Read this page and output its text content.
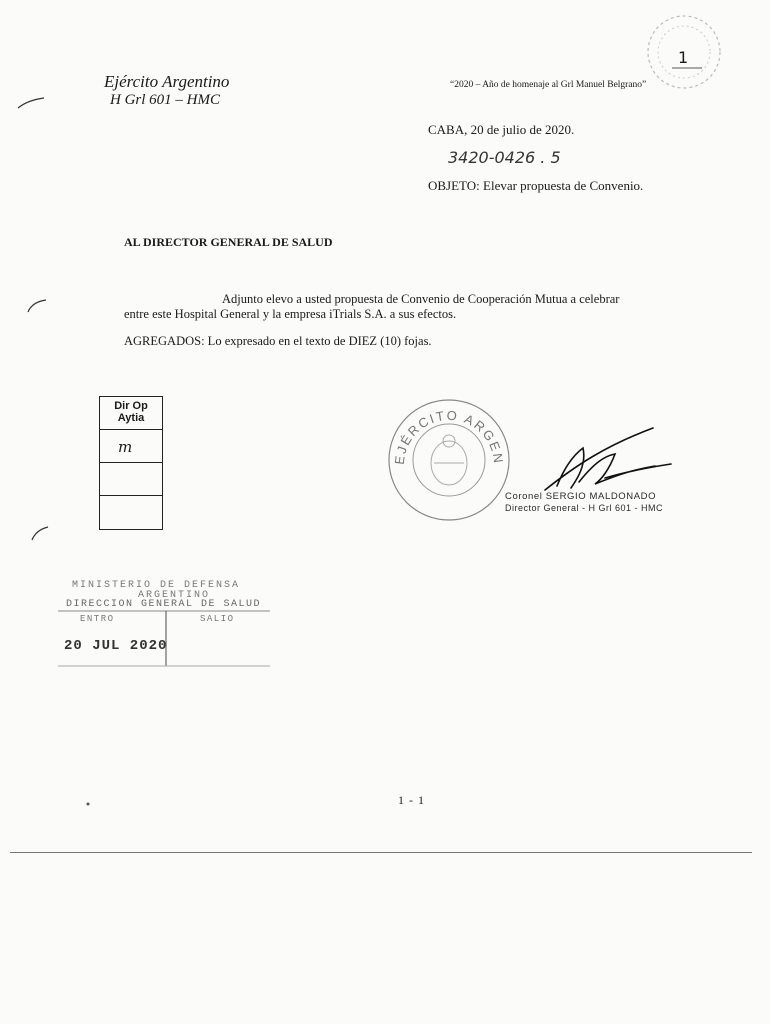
1
Ejército Argentino
H Grl 601 – HMC
“2020 – Año de homenaje al Grl Manuel Belgrano”
CABA, 20 de julio de 2020.
3420-0426 . 5
OBJETO: Elevar propuesta de Convenio.
AL DIRECTOR GENERAL DE SALUD
Adjunto elevo a usted propuesta de Convenio de Cooperación Mutua a celebrar
entre este Hospital General y la empresa iTrials S.A. a sus efectos.
AGREGADOS: Lo expresado en el texto de DIEZ (10) fojas.
Dir Op Aytia
m
EJÉRCITO ARGEN
Coronel SERGIO MALDONADO
Director General - H Grl 601 - HMC
MINISTERIO DE DEFENSA
ARGENTINO
DIRECCION GENERAL DE SALUD
ENTRO	SALIO
20 JUL 2020
1 - 1
